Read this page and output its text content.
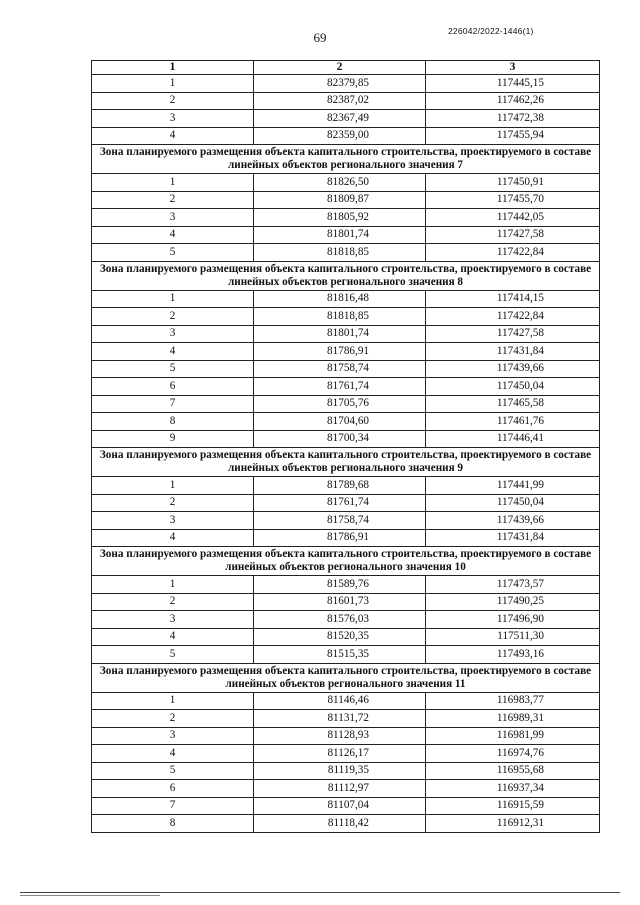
69	226042/2022-1446(1)
1	2	3
1	82379,85	117445,15
2	82387,02	117462,26
3	82367,49	117472,38
4	82359,00	117455,94
Зона планируемого размещения объекта капитального строительства, проектируемого в составе линейных объектов регионального значения 7		
1	81826,50	117450,91
2	81809,87	117455,70
3	81805,92	117442,05
4	81801,74	117427,58
5	81818,85	117422,84
Зона планируемого размещения объекта капитального строительства, проектируемого в составе линейных объектов регионального значения 8		
1	81816,48	117414,15
2	81818,85	117422,84
3	81801,74	117427,58
4	81786,91	117431,84
5	81758,74	117439,66
6	81761,74	117450,04
7	81705,76	117465,58
8	81704,60	117461,76
9	81700,34	117446,41
Зона планируемого размещения объекта капитального строительства, проектируемого в составе линейных объектов регионального значения 9		
1	81789,68	117441,99
2	81761,74	117450,04
3	81758,74	117439,66
4	81786,91	117431,84
Зона планируемого размещения объекта капитального строительства, проектируемого в составе линейных объектов регионального значения 10		
1	81589,76	117473,57
2	81601,73	117490,25
3	81576,03	117496,90
4	81520,35	117511,30
5	81515,35	117493,16
Зона планируемого размещения объекта капитального строительства, проектируемого в составе линейных объектов регионального значения 11		
1	81146,46	116983,77
2	81131,72	116989,31
3	81128,93	116981,99
4	81126,17	116974,76
5	81119,35	116955,68
6	81112,97	116937,34
7	81107,04	116915,59
8	81118,42	116912,31
